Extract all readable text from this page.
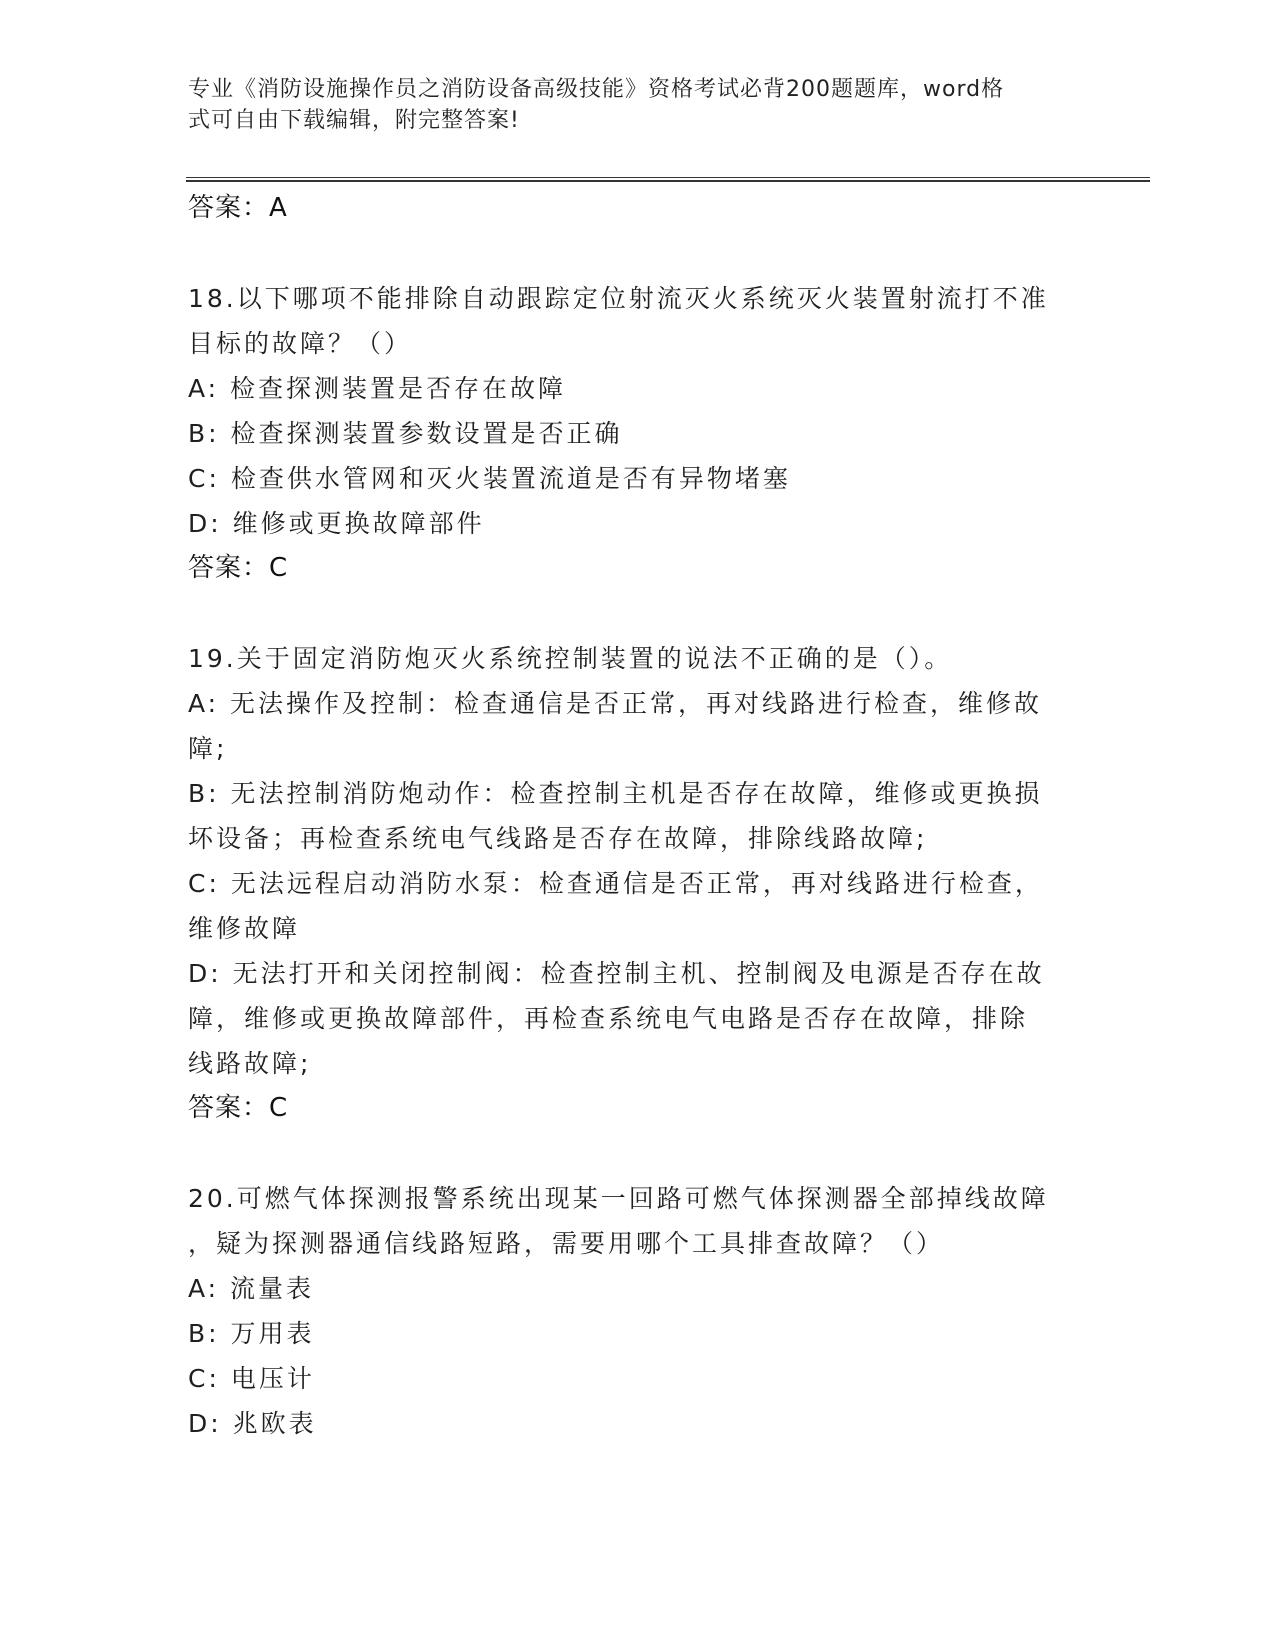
专业《消防设施操作员之消防设备高级技能》资格考试必背200题题库，word格
式可自由下载编辑，附完整答案!
答案：A
18.以下哪项不能排除自动跟踪定位射流灭火系统灭火装置射流打不准
目标的故障？（）
A: 检查探测装置是否存在故障
B: 检查探测装置参数设置是否正确
C: 检查供水管网和灭火装置流道是否有异物堵塞
D: 维修或更换故障部件
答案：C
19.关于固定消防炮灭火系统控制装置的说法不正确的是（）。
A: 无法操作及控制：检查通信是否正常，再对线路进行检查，维修故
障;
B: 无法控制消防炮动作：检查控制主机是否存在故障，维修或更换损
坏设备；再检查系统电气线路是否存在故障，排除线路故障;
C: 无法远程启动消防水泵：检查通信是否正常，再对线路进行检查，
维修故障
D: 无法打开和关闭控制阀：检查控制主机、控制阀及电源是否存在故
障，维修或更换故障部件，再检查系统电气电路是否存在故障，排除
线路故障;
答案：C
20.可燃气体探测报警系统出现某一回路可燃气体探测器全部掉线故障
，疑为探测器通信线路短路，需要用哪个工具排查故障？（）
A: 流量表
B: 万用表
C: 电压计
D: 兆欧表
